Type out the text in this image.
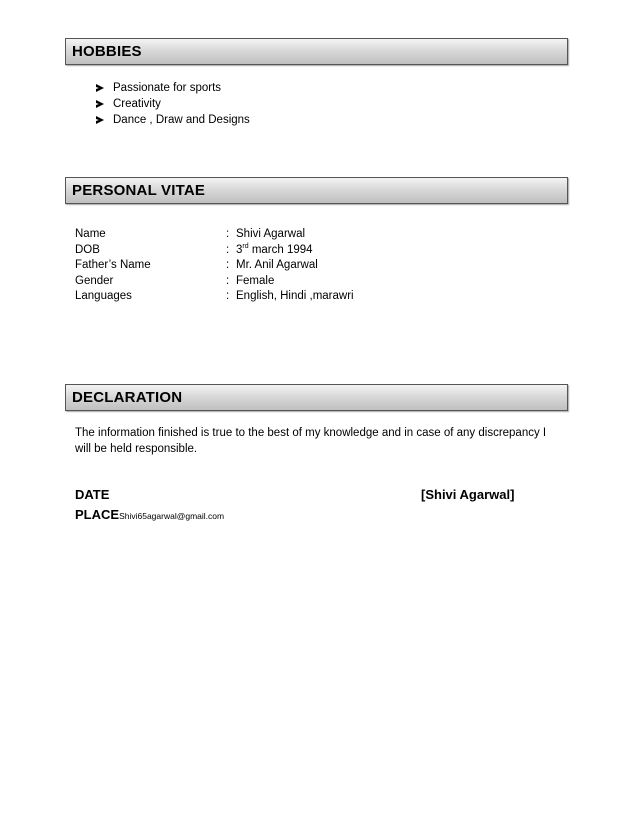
HOBBIES
Passionate for sports
Creativity
Dance , Draw and Designs
PERSONAL VITAE
Name	: Shivi Agarwal
DOB	: 3rd march 1994
Father’s Name	: Mr. Anil Agarwal
Gender	: Female
Languages	: English, Hindi ,marawri
DECLARATION
The information finished is true to the best of my knowledge and in case of any discrepancy I will be held responsible.
DATE	[Shivi Agarwal]
PLACEShivi65agarwal@gmail.com
